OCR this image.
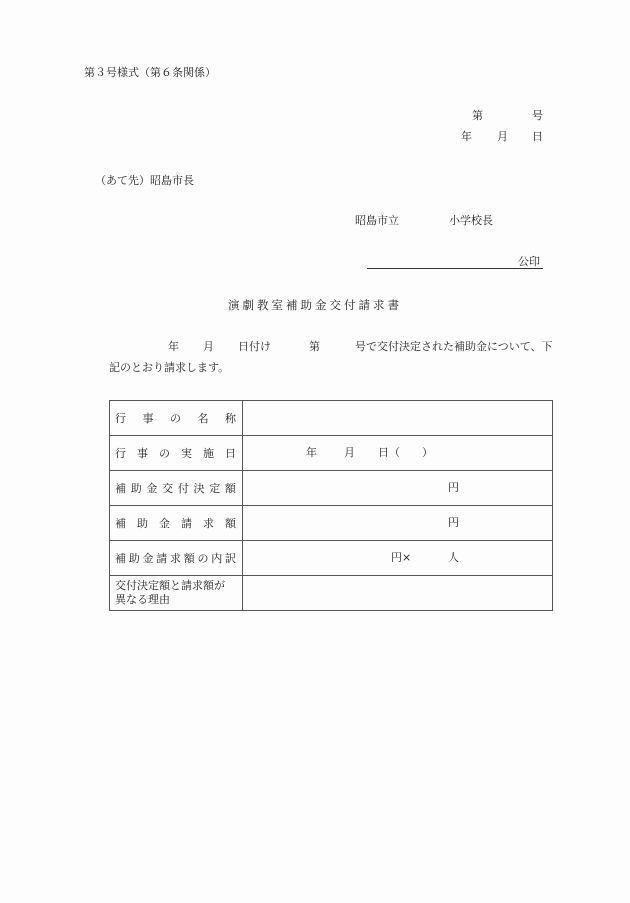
第３号様式（第６条関係）
第	号
年 月 日
（あて先）昭島市長
昭島市立	小学校長
公印
演劇教室補助金交付請求書
年 月 日付け	第	号で交付決定された補助金について、下
記のとおり請求します。
行 事 の 名 称	

行 事 の 実 施 日	年 月 日（　　）

補 助 金 交 付 決 定 額	円

補 助 金 請 求 額	円

補 助 金 請 求 額 の 内 訳	円×	人

交付決定額と請求額が
異なる理由	
